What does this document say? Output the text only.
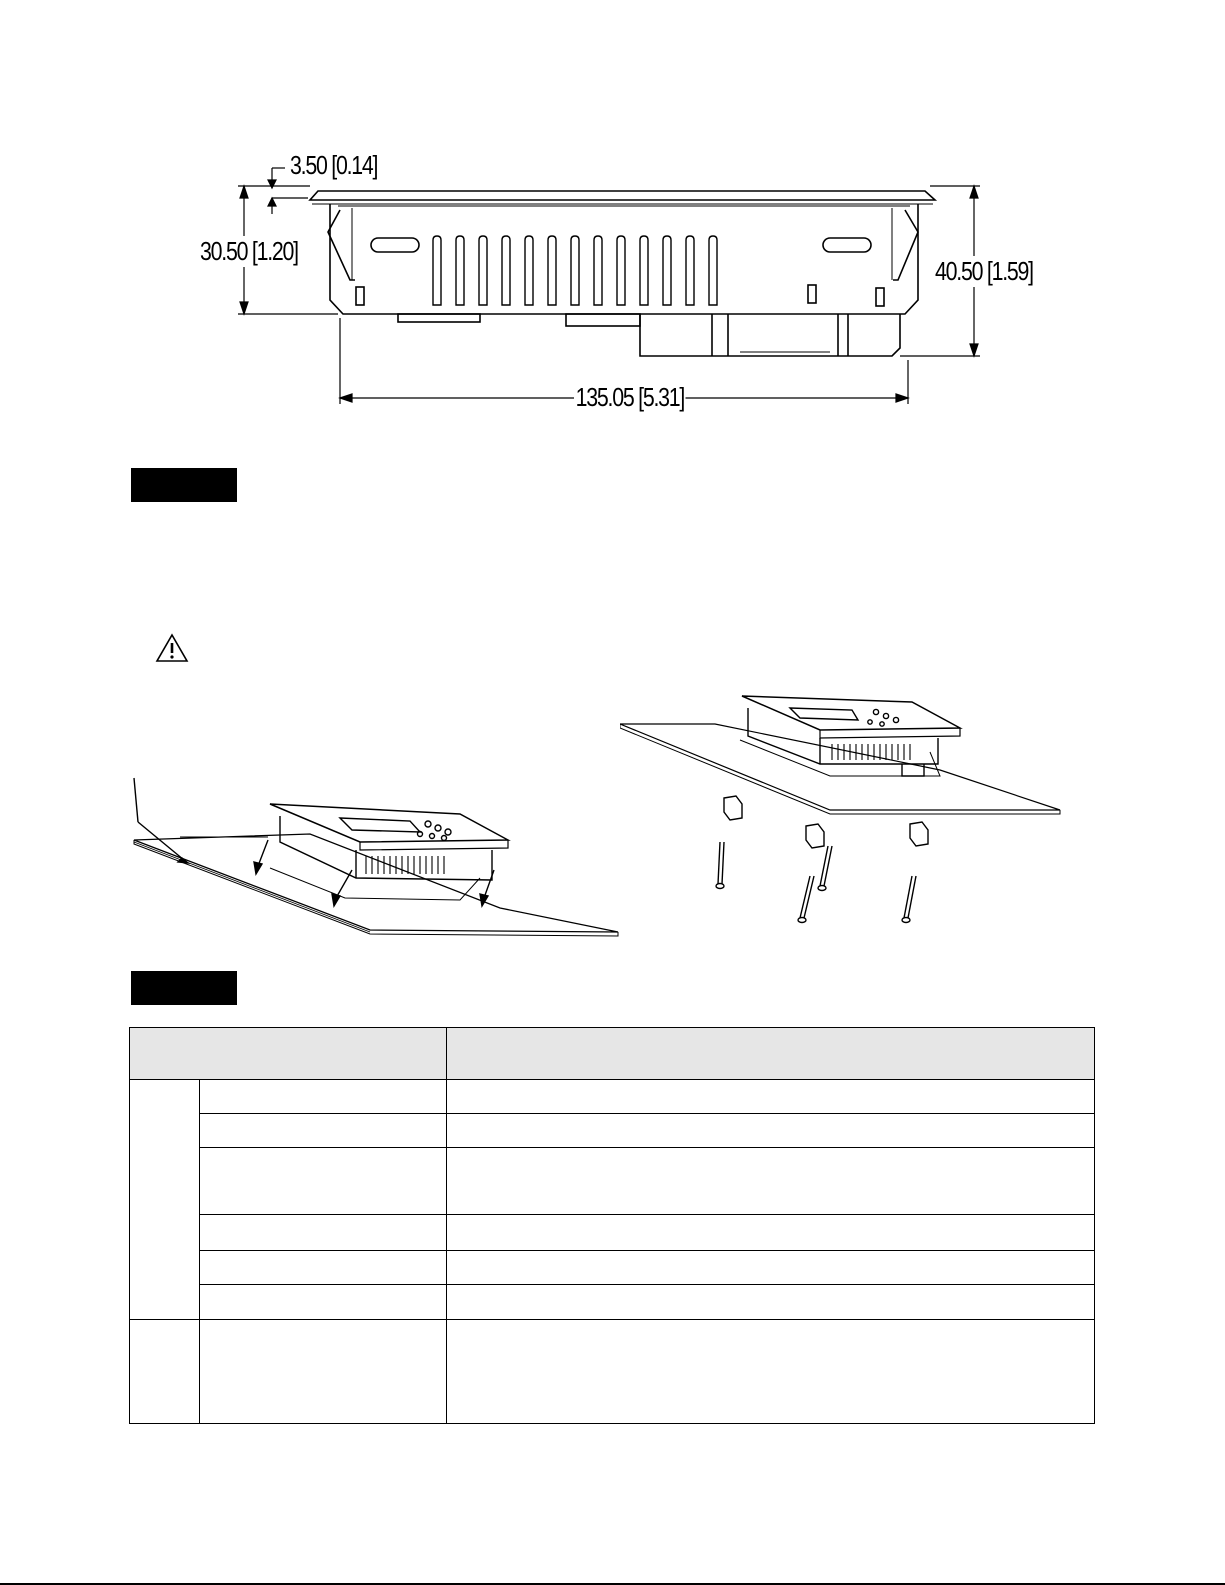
3.50 [0.14]
30.50 [1.20]
40.50 [1.59]
135.05 [5.31]
